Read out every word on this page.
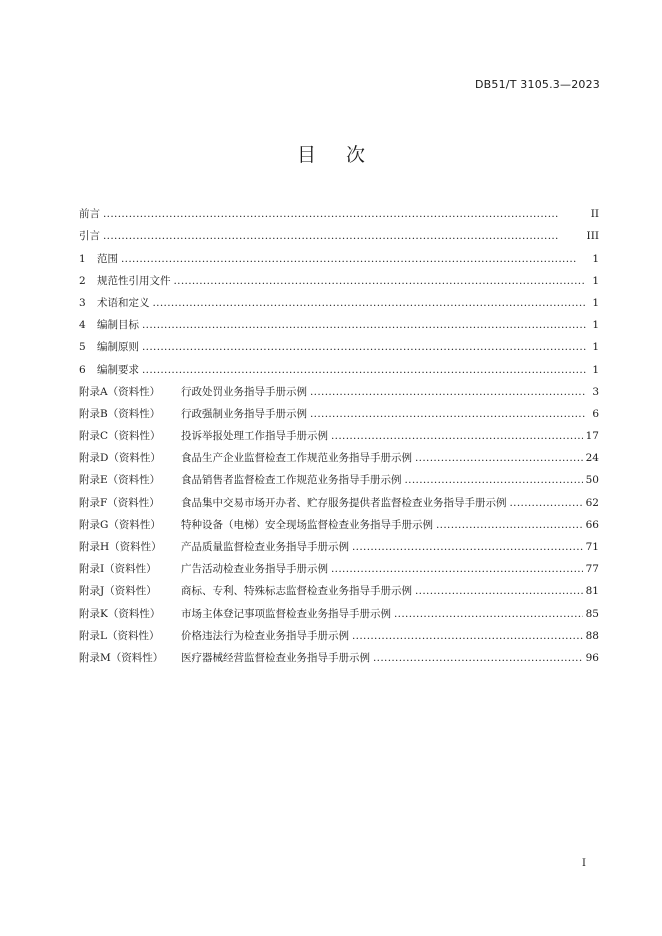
DB51/T 3105.3—2023
目 次
前言 . . .	II
引言 . . .	III
1	范围 . . .	1
2	规范性引用文件 . . .	1
3	术语和定义 . . .	1
4	编制目标 . . .	1
5	编制原则 . . .	1
6	编制要求 . . .	1
附录A（资料性）	行政处罚业务指导手册示例 . . .	3
附录B（资料性）	行政强制业务指导手册示例 . . .	6
附录C（资料性）	投诉举报处理工作指导手册示例 . . .	17
附录D（资料性）	食品生产企业监督检查工作规范业务指导手册示例 . . .	24
附录E（资料性）	食品销售者监督检查工作规范业务指导手册示例 . . .	50
附录F（资料性）	食品集中交易市场开办者、贮存服务提供者监督检查业务指导手册示例 . . .	62
附录G（资料性）	特种设备（电梯）安全现场监督检查业务指导手册示例 . . .	66
附录H（资料性）	产品质量监督检查业务指导手册示例 . . .	71
附录I（资料性）	广告活动检查业务指导手册示例 . . .	77
附录J（资料性）	商标、专利、特殊标志监督检查业务指导手册示例 . . .	81
附录K（资料性）	市场主体登记事项监督检查业务指导手册示例 . . .	85
附录L（资料性）	价格违法行为检查业务指导手册示例 . . .	88
附录M（资料性）	医疗器械经营监督检查业务指导手册示例 . . .	96
I
